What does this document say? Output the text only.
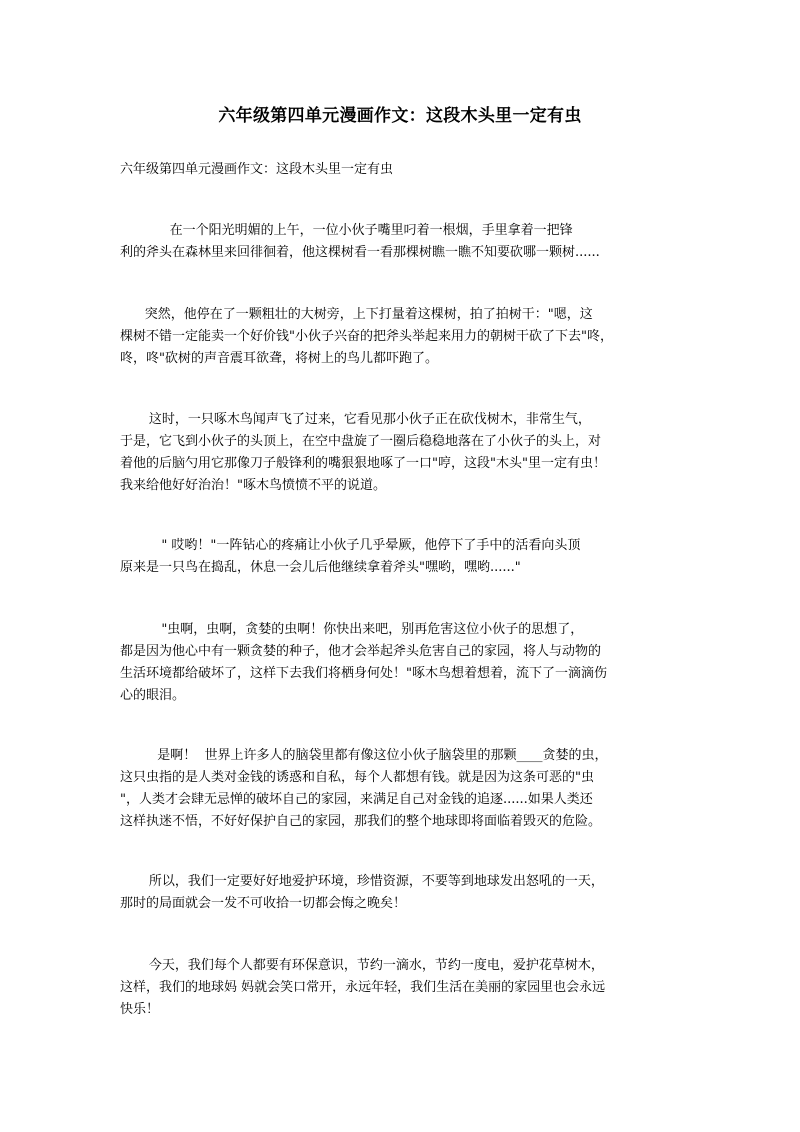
六年级第四单元漫画作文：这段木头里一定有虫

六年级第四单元漫画作文：这段木头里一定有虫

在一个阳光明媚的上午，一位小伙子嘴里叼着一根烟，手里拿着一把锋
利的斧头在森林里来回徘徊着，他这棵树看一看那棵树瞧一瞧不知要砍哪一颗树......

突然，他停在了一颗粗壮的大树旁，上下打量着这棵树，拍了拍树干："嗯，这
棵树不错一定能卖一个好价钱"小伙子兴奋的把斧头举起来用力的朝树干砍了下去"咚，
咚，咚"砍树的声音震耳欲聋，将树上的鸟儿都吓跑了。

这时，一只啄木鸟闻声飞了过来，它看见那小伙子正在砍伐树木，非常生气，
于是，它飞到小伙子的头顶上，在空中盘旋了一圈后稳稳地落在了小伙子的头上，对
着他的后脑勺用它那像刀子般锋利的嘴狠狠地啄了一口"哼，这段"木头"里一定有虫！
我来给他好好治治！"啄木鸟愤愤不平的说道。

" 哎哟！"一阵钻心的疼痛让小伙子几乎晕厥，他停下了手中的活看向头顶
原来是一只鸟在捣乱，休息一会儿后他继续拿着斧头"嘿哟，嘿哟......"

"虫啊，虫啊，贪婪的虫啊！你快出来吧，别再危害这位小伙子的思想了，
都是因为他心中有一颗贪婪的种子，他才会举起斧头危害自己的家园，将人与动物的
生活环境都给破坏了，这样下去我们将栖身何处！"啄木鸟想着想着，流下了一滴滴伤
心的眼泪。

是啊！  世界上许多人的脑袋里都有像这位小伙子脑袋里的那颗____贪婪的虫，
这只虫指的是人类对金钱的诱惑和自私，每个人都想有钱。就是因为这条可恶的"虫
"，人类才会肆无忌惮的破坏自己的家园，来满足自己对金钱的追逐......如果人类还
这样执迷不悟，不好好保护自己的家园，那我们的整个地球即将面临着毁灭的危险。

所以，我们一定要好好地爱护环境，珍惜资源，不要等到地球发出怒吼的一天，
那时的局面就会一发不可收拾一切都会悔之晚矣！

今天，我们每个人都要有环保意识，节约一滴水，节约一度电，爱护花草树木，
这样，我们的地球妈 妈就会笑口常开，永远年轻，我们生活在美丽的家园里也会永远
快乐！
